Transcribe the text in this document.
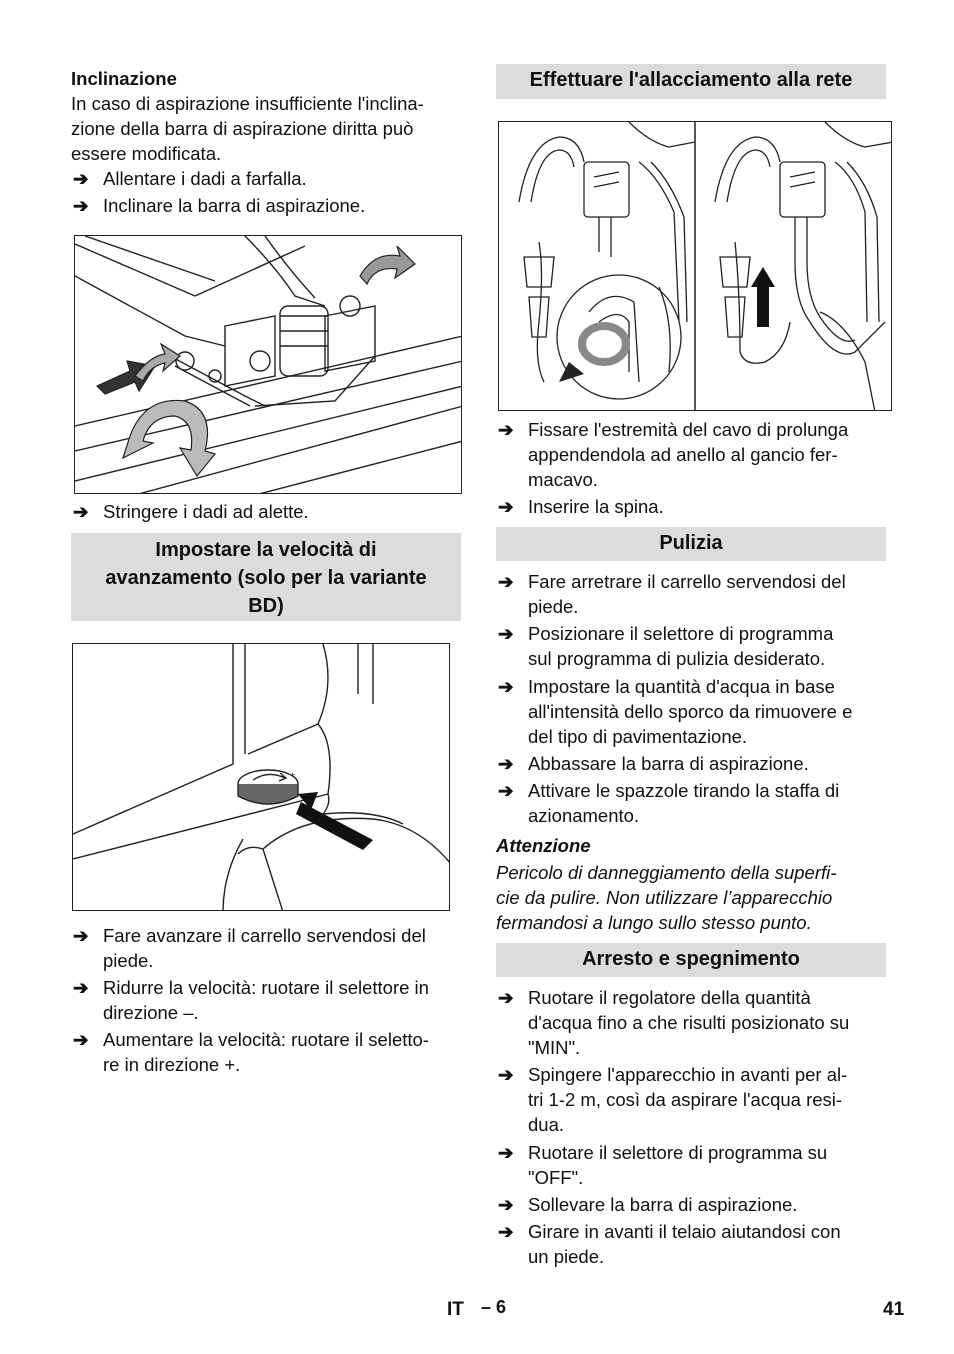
Inclinazione
In caso di aspirazione insufficiente l'inclina-
zione della barra di aspirazione diritta può
essere modificata.
➔ Allentare i dadi a farfalla.
➔ Inclinare la barra di aspirazione.
➔ Stringere i dadi ad alette.
Impostare la velocità di
avanzamento (solo per la variante
BD)
+
➔ Fare avanzare il carrello servendosi del
piede.
➔ Ridurre la velocità: ruotare il selettore in
direzione –.
➔ Aumentare la velocità: ruotare il seletto-
re in direzione +.
Effettuare l'allacciamento alla rete
➔ Fissare l'estremità del cavo di prolunga
appendendola ad anello al gancio fer-
macavo.
➔ Inserire la spina.
Pulizia
➔ Fare arretrare il carrello servendosi del
piede.
➔ Posizionare il selettore di programma
sul programma di pulizia desiderato.
➔ Impostare la quantità d'acqua in base
all'intensità dello sporco da rimuovere e
del tipo di pavimentazione.
➔ Abbassare la barra di aspirazione.
➔ Attivare le spazzole tirando la staffa di
azionamento.
Attenzione
Pericolo di danneggiamento della superfi-
cie da pulire. Non utilizzare l’apparecchio
fermandosi a lungo sullo stesso punto.
Arresto e spegnimento
➔ Ruotare il regolatore della quantità
d'acqua fino a che risulti posizionato su
"MIN".
➔ Spingere l'apparecchio in avanti per al-
tri 1-2 m, così da aspirare l'acqua resi-
dua.
➔ Ruotare il selettore di programma su
"OFF".
➔ Sollevare la barra di aspirazione.
➔ Girare in avanti il telaio aiutandosi con
un piede.
IT – 6	41
